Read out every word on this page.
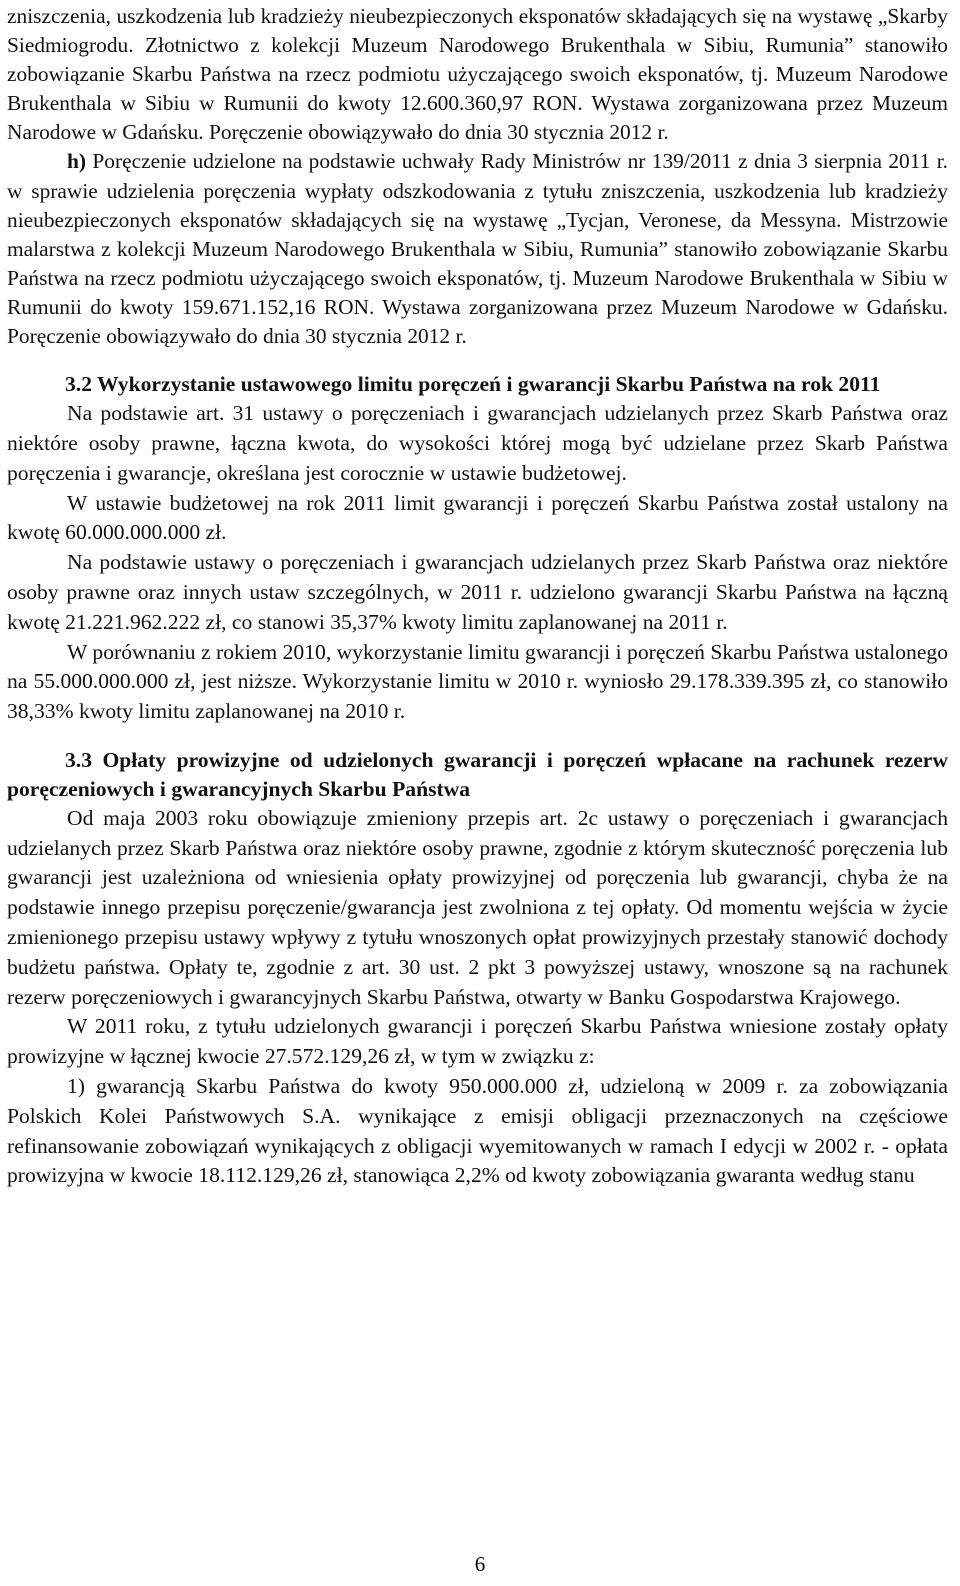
zniszczenia, uszkodzenia lub kradzieży nieubezpieczonych eksponatów składających się na wystawę „Skarby Siedmiogrodu. Złotnictwo z kolekcji Muzeum Narodowego Brukenthala w Sibiu, Rumunia” stanowiło zobowiązanie Skarbu Państwa na rzecz podmiotu użyczającego swoich eksponatów, tj. Muzeum Narodowe Brukenthala w Sibiu w Rumunii do kwoty 12.600.360,97 RON. Wystawa zorganizowana przez Muzeum Narodowe w Gdańsku. Poręczenie obowiązywało do dnia 30 stycznia 2012 r.

h) Poręczenie udzielone na podstawie uchwały Rady Ministrów nr 139/2011 z dnia 3 sierpnia 2011 r. w sprawie udzielenia poręczenia wypłaty odszkodowania z tytułu zniszczenia, uszkodzenia lub kradzieży nieubezpieczonych eksponatów składających się na wystawę „Tycjan, Veronese, da Messyna. Mistrzowie malarstwa z kolekcji Muzeum Narodowego Brukenthala w Sibiu, Rumunia” stanowiło zobowiązanie Skarbu Państwa na rzecz podmiotu użyczającego swoich eksponatów, tj. Muzeum Narodowe Brukenthala w Sibiu w Rumunii do kwoty 159.671.152,16 RON. Wystawa zorganizowana przez Muzeum Narodowe w Gdańsku. Poręczenie obowiązywało do dnia 30 stycznia 2012 r.

3.2 Wykorzystanie ustawowego limitu poręczeń i gwarancji Skarbu Państwa na rok 2011

Na podstawie art. 31 ustawy o poręczeniach i gwarancjach udzielanych przez Skarb Państwa oraz niektóre osoby prawne, łączna kwota, do wysokości której mogą być udzielane przez Skarb Państwa poręczenia i gwarancje, określana jest corocznie w ustawie budżetowej.

W ustawie budżetowej na rok 2011 limit gwarancji i poręczeń Skarbu Państwa został ustalony na kwotę 60.000.000.000 zł.

Na podstawie ustawy o poręczeniach i gwarancjach udzielanych przez Skarb Państwa oraz niektóre osoby prawne oraz innych ustaw szczególnych, w 2011 r. udzielono gwarancji Skarbu Państwa na łączną kwotę 21.221.962.222 zł, co stanowi 35,37% kwoty limitu zaplanowanej na 2011 r.

W porównaniu z rokiem 2010, wykorzystanie limitu gwarancji i poręczeń Skarbu Państwa ustalonego na 55.000.000.000 zł, jest niższe. Wykorzystanie limitu w 2010 r. wyniosło 29.178.339.395 zł, co stanowiło 38,33% kwoty limitu zaplanowanej na 2010 r.

3.3 Opłaty prowizyjne od udzielonych gwarancji i poręczeń wpłacane na rachunek rezerw poręczeniowych i gwarancyjnych Skarbu Państwa

Od maja 2003 roku obowiązuje zmieniony przepis art. 2c ustawy o poręczeniach i gwarancjach udzielanych przez Skarb Państwa oraz niektóre osoby prawne, zgodnie z którym skuteczność poręczenia lub gwarancji jest uzależniona od wniesienia opłaty prowizyjnej od poręczenia lub gwarancji, chyba że na podstawie innego przepisu poręczenie/gwarancja jest zwolniona z tej opłaty. Od momentu wejścia w życie zmienionego przepisu ustawy wpływy z tytułu wnoszonych opłat prowizyjnych przestały stanowić dochody budżetu państwa. Opłaty te, zgodnie z art. 30 ust. 2 pkt 3 powyższej ustawy, wnoszone są na rachunek rezerw poręczeniowych i gwarancyjnych Skarbu Państwa, otwarty w Banku Gospodarstwa Krajowego.

W 2011 roku, z tytułu udzielonych gwarancji i poręczeń Skarbu Państwa wniesione zostały opłaty prowizyjne w łącznej kwocie 27.572.129,26 zł, w tym w związku z:

1) gwarancją Skarbu Państwa do kwoty 950.000.000 zł, udzieloną w 2009 r. za zobowiązania Polskich Kolei Państwowych S.A. wynikające z emisji obligacji przeznaczonych na częściowe refinansowanie zobowiązań wynikających z obligacji wyemitowanych w ramach I edycji w 2002 r. - opłata prowizyjna w kwocie 18.112.129,26 zł, stanowiąca 2,2% od kwoty zobowiązania gwaranta według stanu

6
